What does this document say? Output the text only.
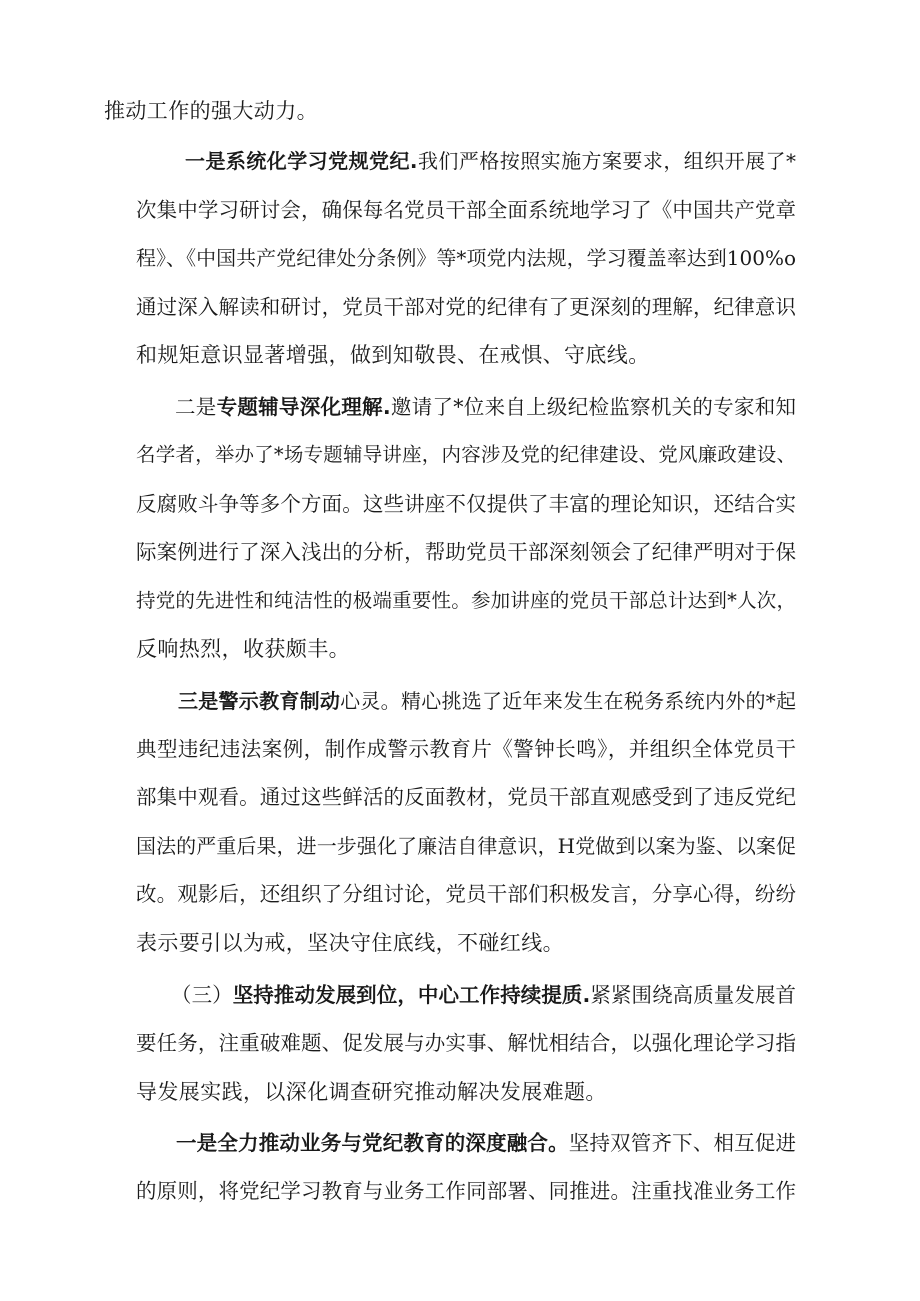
推动工作的强大动力。
一是系统化学习党规党纪.我们严格按照实施方案要求，组织开展了*
次集中学习研讨会，确保每名党员干部全面系统地学习了《中国共产党章
程》、《中国共产党纪律处分条例》等*项党内法规，学习覆盖率达到100%o
通过深入解读和研讨，党员干部对党的纪律有了更深刻的理解，纪律意识
和规矩意识显著增强，做到知敬畏、在戒惧、守底线。
二是专题辅导深化理解.邀请了*位来自上级纪检监察机关的专家和知
名学者，举办了*场专题辅导讲座，内容涉及党的纪律建设、党风廉政建设、
反腐败斗争等多个方面。这些讲座不仅提供了丰富的理论知识，还结合实
际案例进行了深入浅出的分析，帮助党员干部深刻领会了纪律严明对于保
持党的先进性和纯洁性的极端重要性。参加讲座的党员干部总计达到*人次，
反响热烈，收获颇丰。
三是警示教育制动心灵。精心挑选了近年来发生在税务系统内外的*起
典型违纪违法案例，制作成警示教育片《警钟长鸣》，并组织全体党员干
部集中观看。通过这些鲜活的反面教材，党员干部直观感受到了违反党纪
国法的严重后果，进一步强化了廉洁自律意识，H党做到以案为鉴、以案促
改。观影后，还组织了分组讨论，党员干部们积极发言，分享心得，纷纷
表示要引以为戒，坚决守住底线，不碰红线。
（三）坚持推动发展到位，中心工作持续提质.紧紧围绕高质量发展首
要任务，注重破难题、促发展与办实事、解忧相结合，以强化理论学习指
导发展实践，以深化调查研究推动解决发展难题。
一是全力推动业务与党纪教育的深度融合。坚持双管齐下、相互促进
的原则，将党纪学习教育与业务工作同部署、同推进。注重找准业务工作
